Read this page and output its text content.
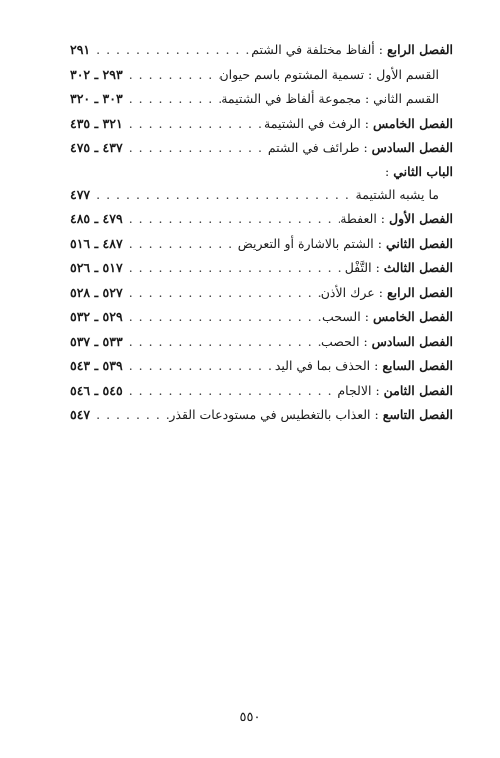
الفصل الرابع
:
ألفاظ مختلفة في الشتم
. . .
٢٩١
القسم الأول : تسمية المشتوم باسم حيوان
. . .
٢٩٣ ـ ٣٠٢
القسم الثاني : مجموعة ألفاظ في الشتيمة
. . .
٣٠٣ ـ ٣٢٠
الفصل الخامس
:
الرفث في الشتيمة
. . .
٣٢١ ـ ٤٣٥
الفصل السادس
:
طرائف في الشتم
. . .
٤٣٧ ـ ٤٧٥
الباب الثاني
:
ما يشبه الشتيمة
. . .
٤٧٧
الفصل الأول
:
العفطة
. . .
٤٧٩ ـ ٤٨٥
الفصل الثاني
:
الشتم بالاشارة أو التعريض
. . .
٤٨٧ ـ ٥١٦
الفصل الثالث
:
التَّفْل
. . .
٥١٧ ـ ٥٢٦
الفصل الرابع
:
عرك الأذن
. . .
٥٢٧ ـ ٥٢٨
الفصل الخامس
:
السحب
. . .
٥٢٩ ـ ٥٣٢
الفصل السادس
:
الحصب
. . .
٥٣٣ ـ ٥٣٧
الفصل السابع
:
الحذف بما في اليد
. . .
٥٣٩ ـ ٥٤٣
الفصل الثامن
:
الالجام
. . .
٥٤٥ ـ ٥٤٦
الفصل التاسع
:
العذاب بالتغطيس في مستودعات القذر
. . .
٥٤٧
٥٥٠
